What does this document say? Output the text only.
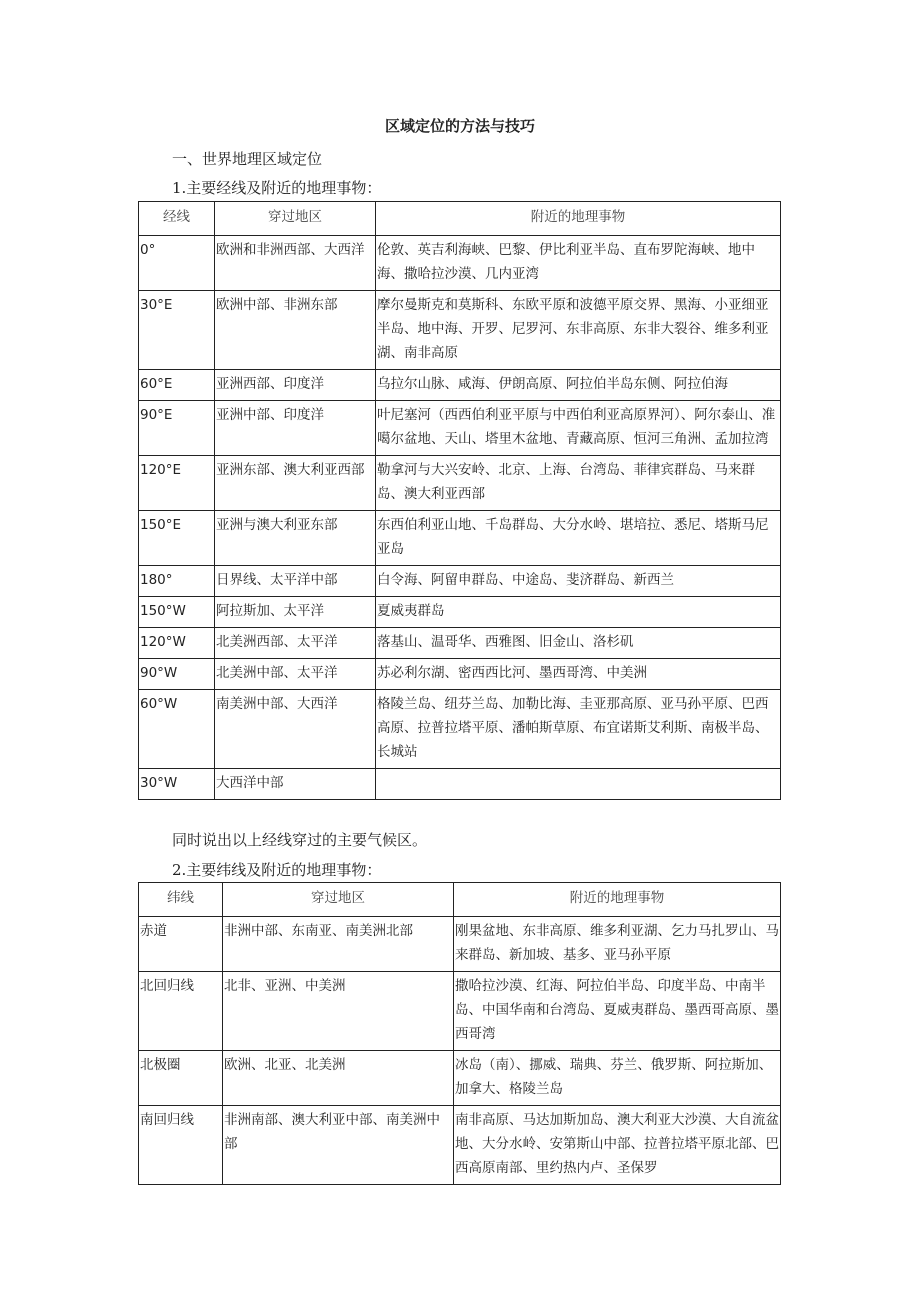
区域定位的方法与技巧
一、世界地理区域定位
1.主要经线及附近的地理事物：
经线	穿过地区	附近的地理事物
0°	欧洲和非洲西部、大西洋	伦敦、英吉利海峡、巴黎、伊比利亚半岛、直布罗陀海峡、地中海、撒哈拉沙漠、几内亚湾
30°E	欧洲中部、非洲东部	摩尔曼斯克和莫斯科、东欧平原和波德平原交界、黑海、小亚细亚半岛、地中海、开罗、尼罗河、东非高原、东非大裂谷、维多利亚湖、南非高原
60°E	亚洲西部、印度洋	乌拉尔山脉、咸海、伊朗高原、阿拉伯半岛东侧、阿拉伯海
90°E	亚洲中部、印度洋	叶尼塞河（西西伯利亚平原与中西伯利亚高原界河）、阿尔泰山、准噶尔盆地、天山、塔里木盆地、青藏高原、恒河三角洲、孟加拉湾
120°E	亚洲东部、澳大利亚西部	勒拿河与大兴安岭、北京、上海、台湾岛、菲律宾群岛、马来群岛、澳大利亚西部
150°E	亚洲与澳大利亚东部	东西伯利亚山地、千岛群岛、大分水岭、堪培拉、悉尼、塔斯马尼亚岛
180°	日界线、太平洋中部	白令海、阿留申群岛、中途岛、斐济群岛、新西兰
150°W	阿拉斯加、太平洋	夏威夷群岛
120°W	北美洲西部、太平洋	落基山、温哥华、西雅图、旧金山、洛杉矶
90°W	北美洲中部、太平洋	苏必利尔湖、密西西比河、墨西哥湾、中美洲
60°W	南美洲中部、大西洋	格陵兰岛、纽芬兰岛、加勒比海、圭亚那高原、亚马孙平原、巴西高原、拉普拉塔平原、潘帕斯草原、布宜诺斯艾利斯、南极半岛、长城站
30°W	大西洋中部	
同时说出以上经线穿过的主要气候区。
2.主要纬线及附近的地理事物：
纬线	穿过地区	附近的地理事物
赤道	非洲中部、东南亚、南美洲北部	刚果盆地、东非高原、维多利亚湖、乞力马扎罗山、马来群岛、新加坡、基多、亚马孙平原
北回归线	北非、亚洲、中美洲	撒哈拉沙漠、红海、阿拉伯半岛、印度半岛、中南半岛、中国华南和台湾岛、夏威夷群岛、墨西哥高原、墨西哥湾
北极圈	欧洲、北亚、北美洲	冰岛（南）、挪威、瑞典、芬兰、俄罗斯、阿拉斯加、加拿大、格陵兰岛
南回归线	非洲南部、澳大利亚中部、南美洲中部	南非高原、马达加斯加岛、澳大利亚大沙漠、大自流盆地、大分水岭、安第斯山中部、拉普拉塔平原北部、巴西高原南部、里约热内卢、圣保罗
